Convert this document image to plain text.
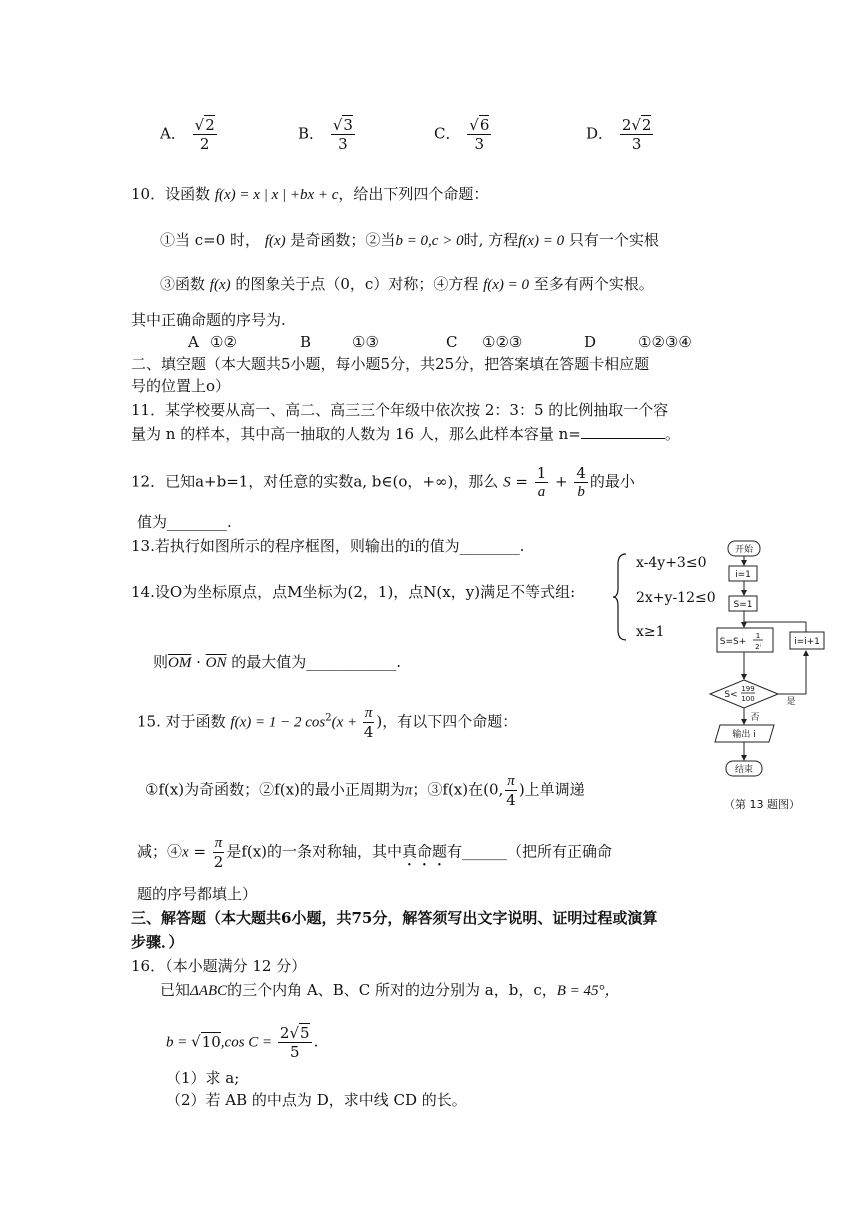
A． $\frac{√2}{2}$	B． $\frac{√3}{3}$	C． $\frac{√6}{3}$	D． $\frac{2√2}{3}$
10．设函数 f(x) = x | x | +bx + c，给出下列四个命题：
①当 c=0 时， f(x) 是奇函数；②当b = 0,c > 0时, 方程f(x) = 0 只有一个实根
③函数 f(x) 的图象关于点（0，c）对称；④方程 f(x) = 0 至多有两个实根。
其中正确命题的序号为.
A ①②	B	①③	C ①②③	D	①②③④
二、填空题（本大题共5小题，每小题5分，共25分，把答案填在答题卡相应题
号的位置上o）
11．某学校要从高一、高二、高三三个年级中依次按 2：3：5 的比例抽取一个容
量为 n 的样本，其中高一抽取的人数为 16 人，那么此样本容量 n=	。
12．已知a+b=1，对任意的实数a, b∈(o，+∞)，那么 $S = \frac{1}{a} + \frac{4}{b}$ 的最小
值为________.
13.若执行如图所示的程序框图，则输出的i的值为________.
14.设O为坐标原点，点M坐标为(2，1)，点N(x，y)满足不等式组:
x-4y+3≤0
2x+y-12≤0
x≥1
则$\overline{OM} \cdot \overline{ON}$ 的最大值为____________.
15. 对于函数 f(x) = 1 − 2 $\cos^2(x + \frac{\pi}{4}$ )，有以下四个命题：
①f(x)为奇函数；②f(x)的最小正周期为π；③f(x)在(0, $\frac{\pi}{4}$ )上单调递
减；④x = $\frac{\pi}{2}$ 是f(x)的一条对称轴，其中真命题有______（把所有正确命
题的序号都填上）
三、解答题（本大题共6小题，共75分，解答须写出文字说明、证明过程或演算
步骤．）
16．（本小题满分 12 分）
已知ΔABC的三个内角 A、B、C 所对的边分别为 a，b，c，B = 45°，
b = √10,cos $C = \frac{2√5}{5}$ .
（1）求 a;
（2）若 AB 的中点为 D，求中线 CD 的长。
开始
i=1
S=1
S=S+
1
2ⁱ
S<
199
100	是
否
i=i+1
输出 i
结束
（第 13 题图）
